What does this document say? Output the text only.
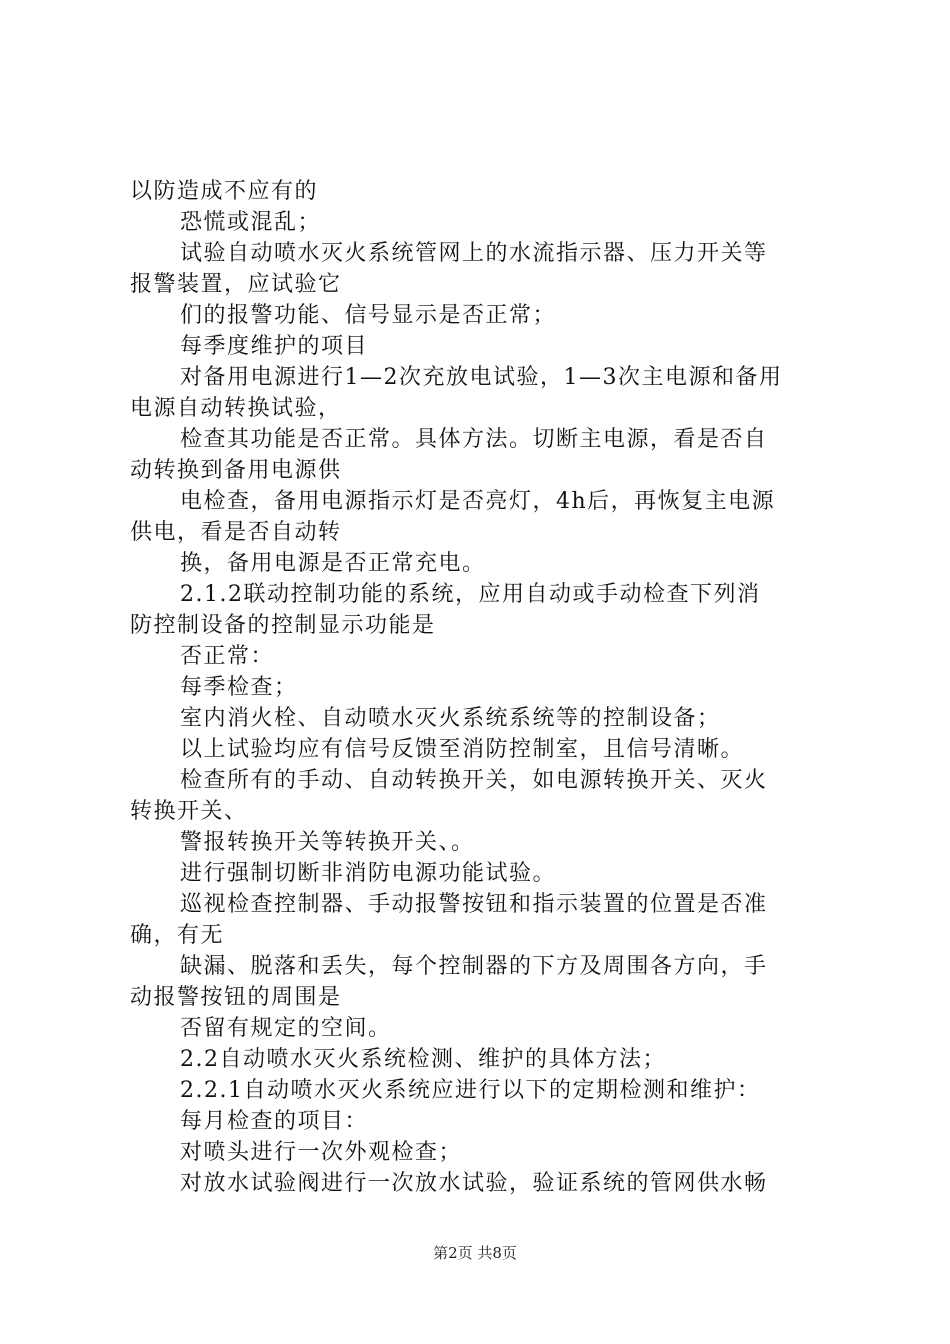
以防造成不应有的
恐慌或混乱；
试验自动喷水灭火系统管网上的水流指示器、压力开关等
报警装置，应试验它
们的报警功能、信号显示是否正常；
每季度维护的项目
对备用电源进行1—2次充放电试验，1—3次主电源和备用
电源自动转换试验，
检查其功能是否正常。具体方法。切断主电源，看是否自
动转换到备用电源供
电检查，备用电源指示灯是否亮灯，4h后，再恢复主电源
供电，看是否自动转
换，备用电源是否正常充电。
2.1.2联动控制功能的系统，应用自动或手动检查下列消
防控制设备的控制显示功能是
否正常：
每季检查；
室内消火栓、自动喷水灭火系统系统等的控制设备；
以上试验均应有信号反馈至消防控制室，且信号清晰。
检查所有的手动、自动转换开关，如电源转换开关、灭火
转换开关、
警报转换开关等转换开关、。
进行强制切断非消防电源功能试验。
巡视检查控制器、手动报警按钮和指示装置的位置是否准
确，有无
缺漏、脱落和丢失，每个控制器的下方及周围各方向，手
动报警按钮的周围是
否留有规定的空间。
2.2自动喷水灭火系统检测、维护的具体方法；
2.2.1自动喷水灭火系统应进行以下的定期检测和维护：
每月检查的项目：
对喷头进行一次外观检查；
对放水试验阀进行一次放水试验，验证系统的管网供水畅
第2页 共8页
